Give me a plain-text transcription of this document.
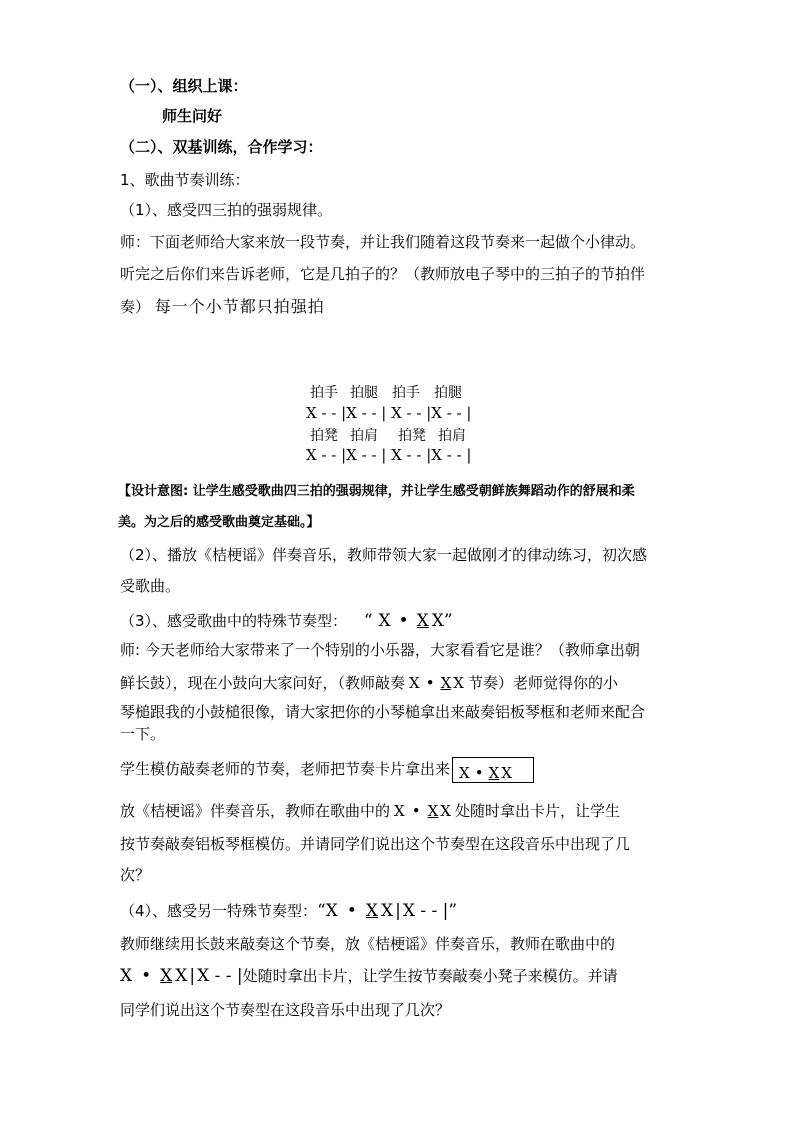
（一）、组织上课：
师生问好
（二）、双基训练，合作学习：
1、歌曲节奏训练：
（1）、感受四三拍的强弱规律。
师：下面老师给大家来放一段节奏，并让我们随着这段节奏来一起做个小律动。
听完之后你们来告诉老师，它是几拍子的？（教师放电子琴中的三拍子的节拍伴
奏） 每一个小节都只拍强拍
拍手 拍腿 拍手 拍腿
X - - |X - - | X - - |X - - |
拍凳 拍肩 拍凳 拍肩
X - - |X - - | X - - |X - - |
【设计意图: 让学生感受歌曲四三拍的强弱规律，并让学生感受朝鲜族舞蹈动作的舒展和柔
美。为之后的感受歌曲奠定基础。】
（2）、播放《桔梗谣》伴奏音乐，教师带领大家一起做刚才的律动练习，初次感
受歌曲。
（3）、感受歌曲中的特殊节奏型： “ X • X X”
师: 今天老师给大家带来了一个特别的小乐器，大家看看它是谁？（教师拿出朝
鲜长鼓），现在小鼓向大家问好，（教师敲奏 X • X X 节奏）老师觉得你的小
琴槌跟我的小鼓槌很像，请大家把你的小琴槌拿出来敲奏铝板琴框和老师来配合
一下。
学生模仿敲奏老师的节奏，老师把节奏卡片拿出来 X • X X
放《桔梗谣》伴奏音乐，教师在歌曲中的 X • X X 处随时拿出卡片，让学生
按节奏敲奏铝板琴框模仿。并请同学们说出这个节奏型在这段音乐中出现了几
次？
（4）、感受另一特殊节奏型：“X • X X | X - - |”
教师继续用长鼓来敲奏这个节奏，放《桔梗谣》伴奏音乐，教师在歌曲中的
X • X X | X - - |处随时拿出卡片，让学生按节奏敲奏小凳子来模仿。并请
同学们说出这个节奏型在这段音乐中出现了几次？
